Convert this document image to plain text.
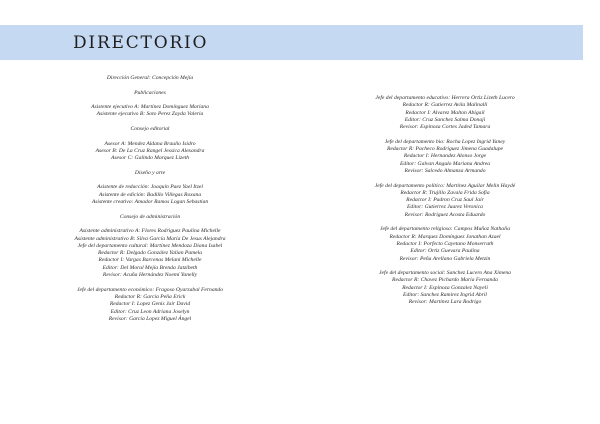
DIRECTORIO
Dirección General: Concepción Mejía
Publicaciones
Asistente ejecutivo A: Martínez Domínguez Mariana
Asistente ejecutivo B: Soto Perez Zayda Valeria
Consejo editorial
Asesor A: Mendez Aldana Braulio Isidro
Asesor B: De La Cruz Rangel Jessica Alexandra
Asesor C: Galindo Marquez Lizeth
Diseño y arte
Asistente de redacción: Joaquin Paez Yael Itzel
Asistente de edición: Badillo Villegas Roxana
Asistente creativo: Amador Ramos Logan Sebastian
Consejo de administración
Asistente administrativo A: Flores Rodriguez Paulina Michelle
Asistente administrativo B: Silva García María De Jesus Alejandra
Jefe del departamento cultural: Martínez Mendoza Diana Isabel
Redactor R: Delgado González Yalian Pamela
Redactor I: Vargas Barcenas Melani Michelle
Editor: Del Moral Mejía Brenda Jatzibeth
Revisor: Acuña Hernández Noemí Yanelly
Jefe del departamento económico: Fragoso Oyarzabal Fernando
Redactor R: García Peña Erick
Redactor I: Lopez Genis Jair David
Editor: Cruz Leon Adriana Joselyn
Revisor: García Lopez Miguel Ángel
Jefe del departamento educativo: Herrera Ortiz Lizeth Lucero
Redactor R: Gutierrez Avila Malinalli
Redactor I: Alvarez Malton Abigail
Editor: Cruz Sanchez Salma Donaji
Revisor: Espinoza Cortes Jaded Tamara
Jefe del departamento bio: Rocha Lopez Ingrid Yaney
Redactor R: Pacheco Rodriguez Jimena Guadalupe
Redactor I: Hernandez Alonso Jorge
Editor: Galvan Angulo Mariana Andrea
Revisor: Salcedo Almanza Armando
Jefe del departamento político: Martínez Aguilar Melin Haydé
Redactor R: Trujillo Zavala Frida Sofia
Redactor I: Padron Cruz Saul Jair
Editor: Gutierrez Juarez Veronica
Revisor: Rodriguez Acosta Eduardo
Jefe del departamento religioso: Campos Muñoz Nathalia
Redactor R: Marquez Domínguez Jonathan Azael
Redactor I: Porfecto Cayetano Monserrath
Editor: Ortiz Guevara Paulina
Revisor: Peña Arellano Gabriela Metzin
Jefe del departamento social: Sanchez Lucero Ana Ximena
Redactor R: Chavez Pichardo María Fernanda
Redactor I: Espinoza Gonzalez Nayeli
Editor: Sanchez Ramirez Ingrid Abril
Revisor: Martinez Lara Rodrigo
